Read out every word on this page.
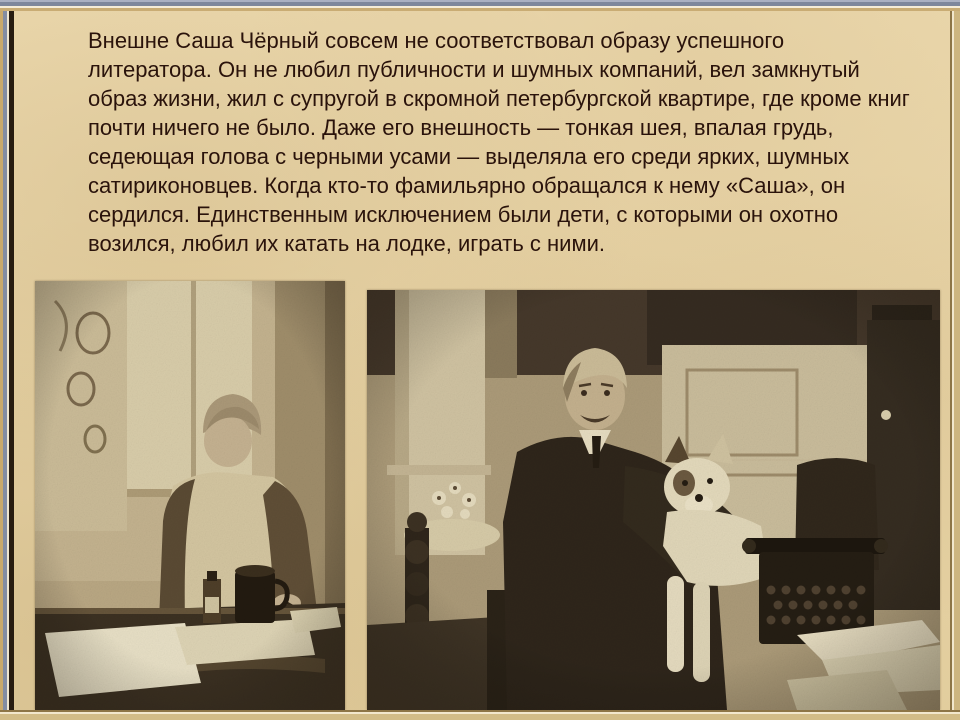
Внешне Саша Чёрный совсем не соответствовал образу успешного литератора. Он не любил публичности и шумных компаний, вел замкнутый образ жизни, жил с супругой в скромной петербургской квартире, где кроме книг почти ничего не было. Даже его внешность — тонкая шея, впалая грудь, седеющая голова с черными усами — выделяла его среди ярких, шумных сатириконовцев. Когда кто-то фамильярно обращался к нему «Саша», он сердился. Единственным исключением были дети, с которыми он охотно возился, любил их катать на лодке, играть с ними.
